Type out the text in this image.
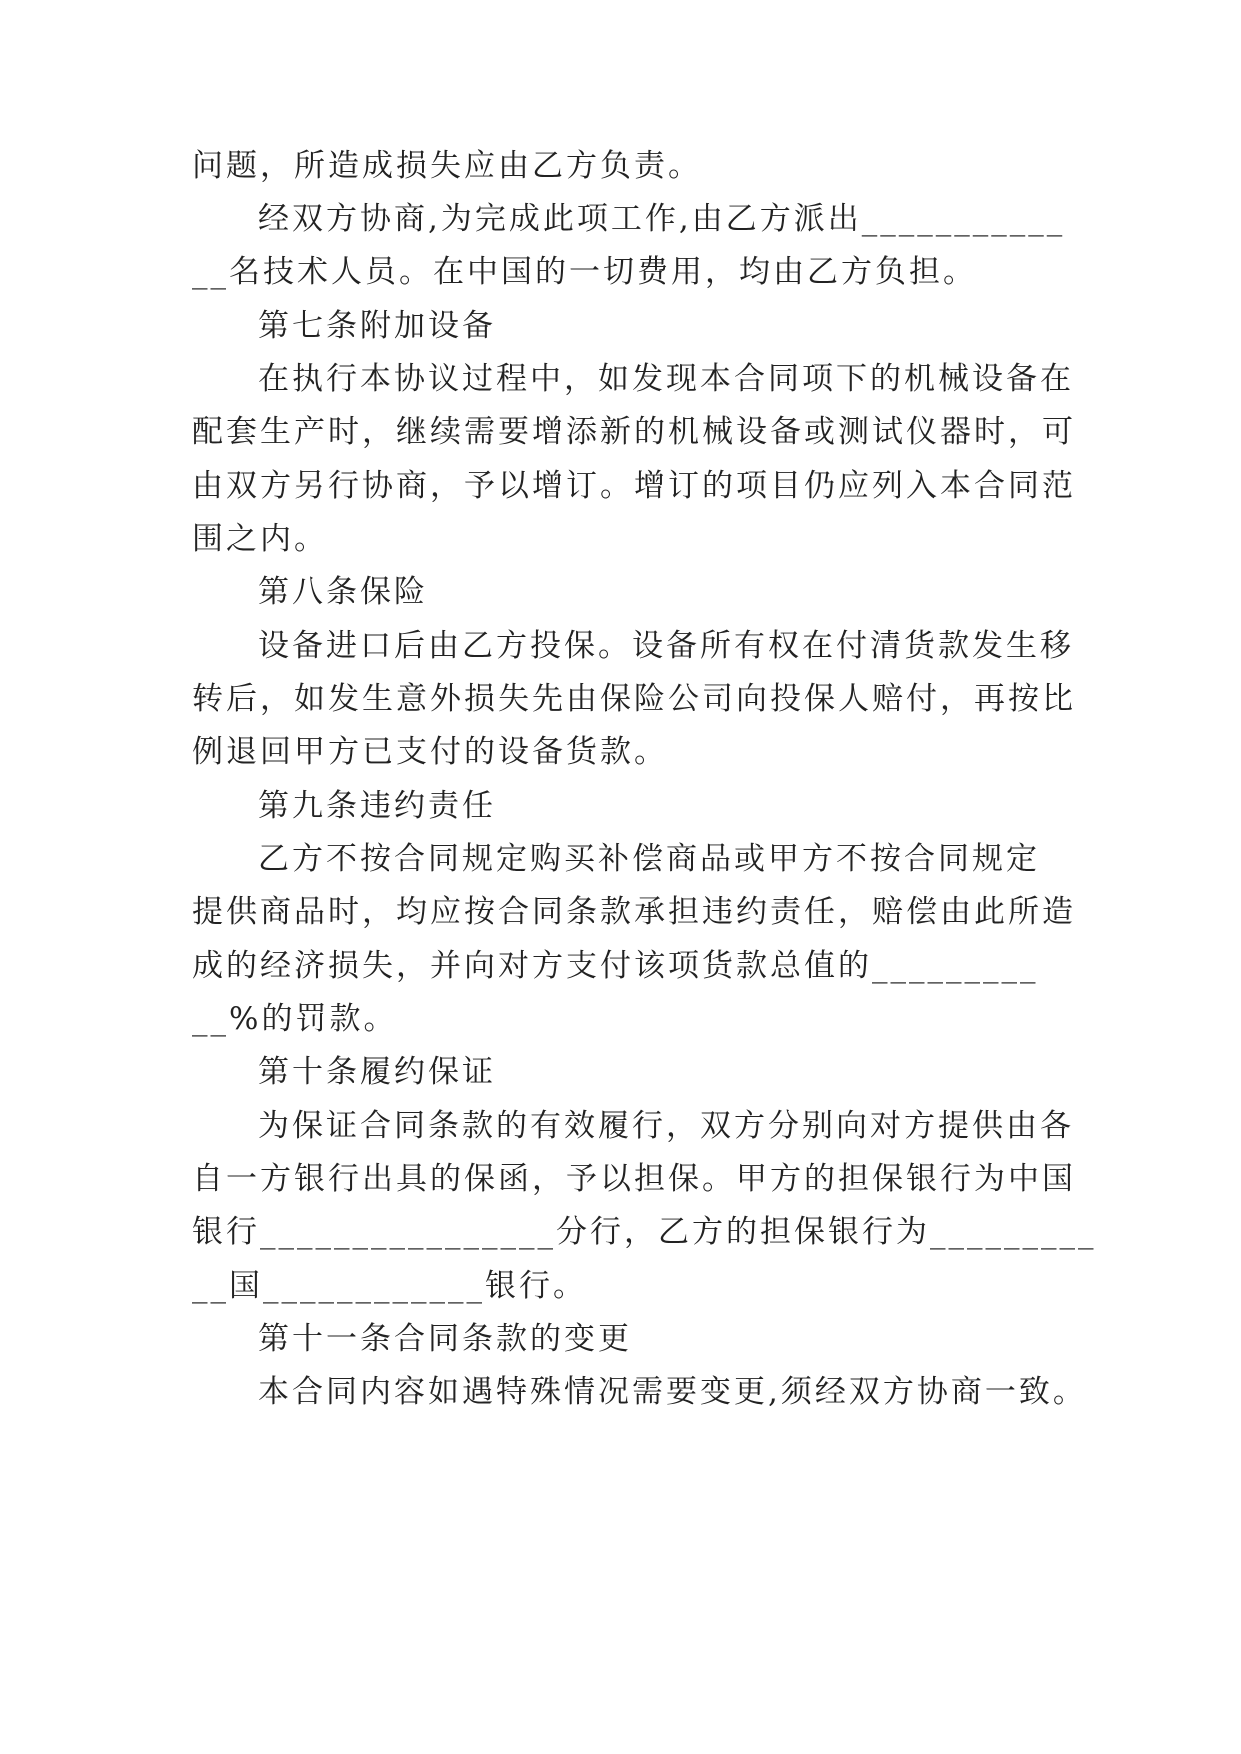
问题，所造成损失应由乙方负责。
经双方协商,为完成此项工作,由乙方派出___________
__名技术人员。在中国的一切费用，均由乙方负担。
第七条附加设备
在执行本协议过程中，如发现本合同项下的机械设备在
配套生产时，继续需要增添新的机械设备或测试仪器时，可
由双方另行协商，予以增订。增订的项目仍应列入本合同范
围之内。
第八条保险
设备进口后由乙方投保。设备所有权在付清货款发生移
转后，如发生意外损失先由保险公司向投保人赔付，再按比
例退回甲方已支付的设备货款。
第九条违约责任
乙方不按合同规定购买补偿商品或甲方不按合同规定
提供商品时，均应按合同条款承担违约责任，赔偿由此所造
成的经济损失，并向对方支付该项货款总值的_________
__%的罚款。
第十条履约保证
为保证合同条款的有效履行，双方分别向对方提供由各
自一方银行出具的保函，予以担保。甲方的担保银行为中国
银行________________分行，乙方的担保银行为_________
__国____________银行。
第十一条合同条款的变更
本合同内容如遇特殊情况需要变更,须经双方协商一致。
